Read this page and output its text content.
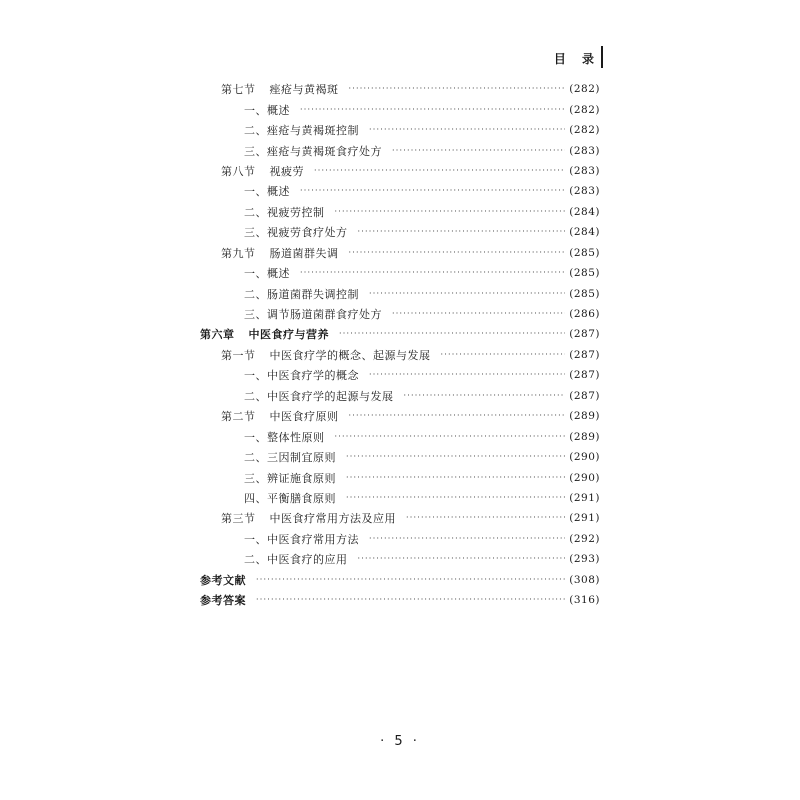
目 录
第七节 痤疮与黄褐斑 ·····	(282)
一、概述 ·····	(282)
二、痤疮与黄褐斑控制 ·····	(282)
三、痤疮与黄褐斑食疗处方 ·····	(283)
第八节 视疲劳 ·····	(283)
一、概述 ·····	(283)
二、视疲劳控制 ·····	(284)
三、视疲劳食疗处方 ·····	(284)
第九节 肠道菌群失调 ·····	(285)
一、概述 ·····	(285)
二、肠道菌群失调控制 ·····	(285)
三、调节肠道菌群食疗处方 ·····	(286)
第六章 中医食疗与营养 ·····	(287)
第一节 中医食疗学的概念、起源与发展 ·····	(287)
一、中医食疗学的概念 ·····	(287)
二、中医食疗学的起源与发展 ·····	(287)
第二节 中医食疗原则 ·····	(289)
一、整体性原则 ·····	(289)
二、三因制宜原则 ·····	(290)
三、辨证施食原则 ·····	(290)
四、平衡膳食原则 ·····	(291)
第三节 中医食疗常用方法及应用 ·····	(291)
一、中医食疗常用方法 ·····	(292)
二、中医食疗的应用 ·····	(293)
参考文献 ·····	(308)
参考答案 ·····	(316)
· 5 ·
